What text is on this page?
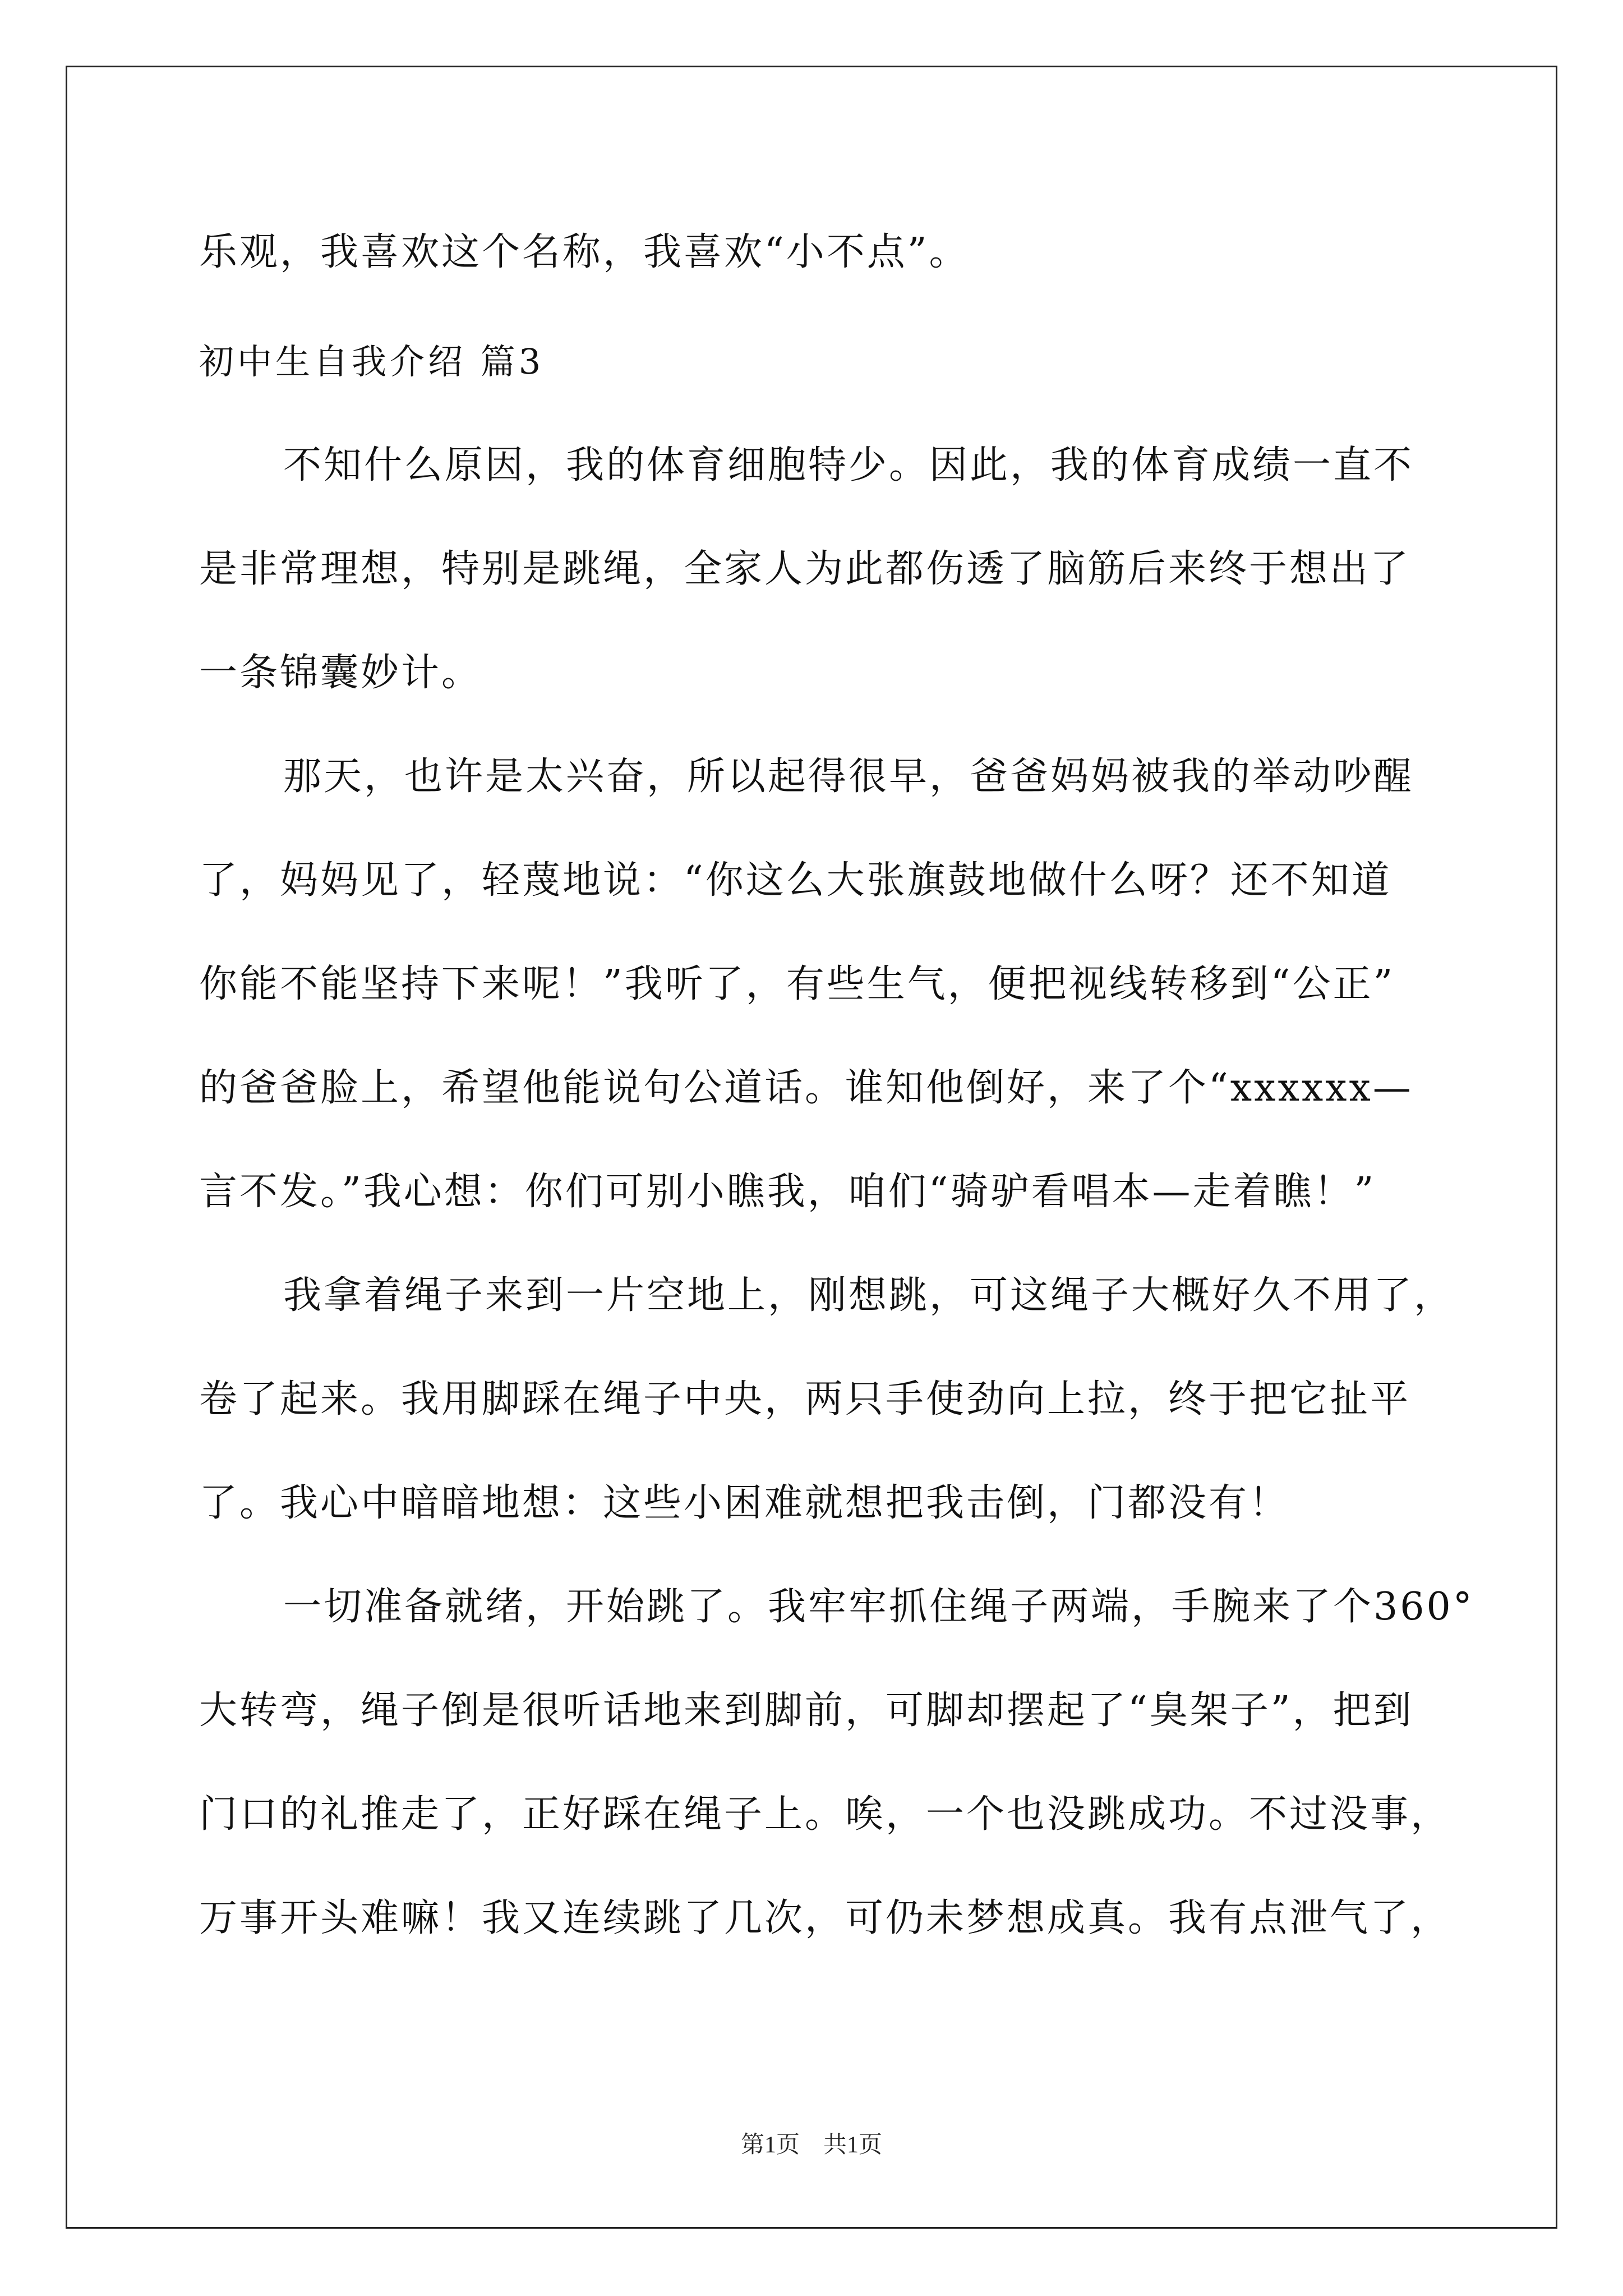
乐观，我喜欢这个名称，我喜欢“小不点”。
初中生自我介绍 篇3
不知什么原因，我的体育细胞特少。因此，我的体育成绩一直不
是非常理想，特别是跳绳，全家人为此都伤透了脑筋后来终于想出了
一条锦囊妙计。
那天，也许是太兴奋，所以起得很早，爸爸妈妈被我的举动吵醒
了，妈妈见了，轻蔑地说：“你这么大张旗鼓地做什么呀？还不知道
你能不能坚持下来呢！”我听了，有些生气，便把视线转移到“公正”
的爸爸脸上，希望他能说句公道话。谁知他倒好，来了个“xxxxxx—
言不发。”我心想：你们可别小瞧我，咱们“骑驴看唱本—走着瞧！”
我拿着绳子来到一片空地上，刚想跳，可这绳子大概好久不用了，
卷了起来。我用脚踩在绳子中央，两只手使劲向上拉，终于把它扯平
了。我心中暗暗地想：这些小困难就想把我击倒，门都没有！
一切准备就绪，开始跳了。我牢牢抓住绳子两端，手腕来了个360°
大转弯，绳子倒是很听话地来到脚前，可脚却摆起了“臭架子”，把到
门口的礼推走了，正好踩在绳子上。唉，一个也没跳成功。不过没事，
万事开头难嘛！我又连续跳了几次，可仍未梦想成真。我有点泄气了，
第1页　共1页
